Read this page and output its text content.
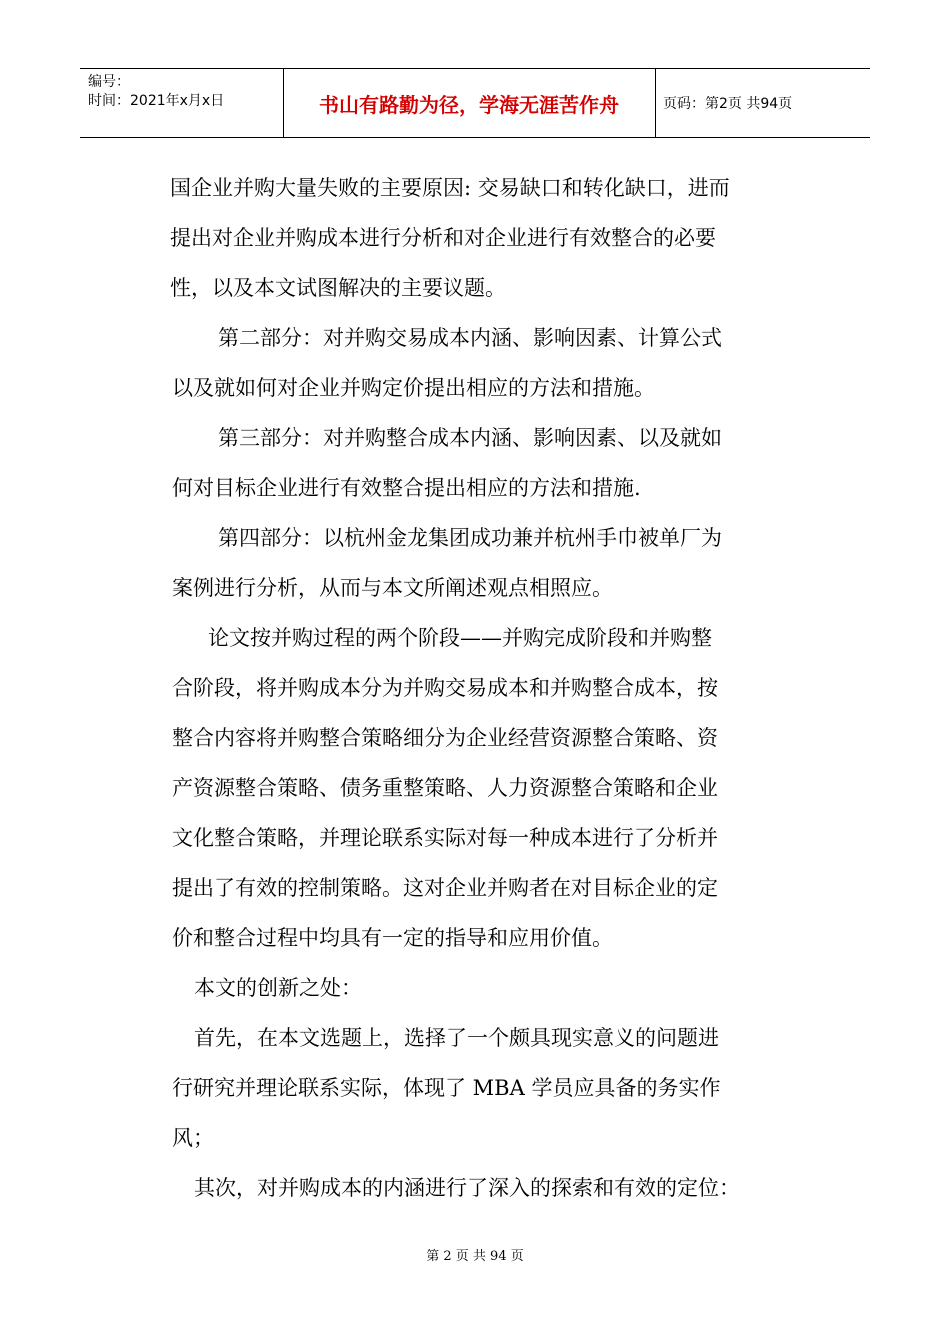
编号：
时间：2021年x月x日	书山有路勤为径，学海无涯苦作舟	页码：第2页 共94页
国企业并购大量失败的主要原因: 交易缺口和转化缺口，进而
提出对企业并购成本进行分析和对企业进行有效整合的必要
性，以及本文试图解决的主要议题。
第二部分：对并购交易成本内涵、影响因素、计算公式
以及就如何对企业并购定价提出相应的方法和措施。
第三部分：对并购整合成本内涵、影响因素、以及就如
何对目标企业进行有效整合提出相应的方法和措施.
第四部分：以杭州金龙集团成功兼并杭州手巾被单厂为
案例进行分析，从而与本文所阐述观点相照应。
论文按并购过程的两个阶段——并购完成阶段和并购整
合阶段，将并购成本分为并购交易成本和并购整合成本，按
整合内容将并购整合策略细分为企业经营资源整合策略、资
产资源整合策略、债务重整策略、人力资源整合策略和企业
文化整合策略，并理论联系实际对每一种成本进行了分析并
提出了有效的控制策略。这对企业并购者在对目标企业的定
价和整合过程中均具有一定的指导和应用价值。
本文的创新之处：
首先，在本文选题上，选择了一个颇具现实意义的问题进
行研究并理论联系实际，体现了 MBA 学员应具备的务实作
风；
其次，对并购成本的内涵进行了深入的探索和有效的定位：
第 2 页 共 94 页
